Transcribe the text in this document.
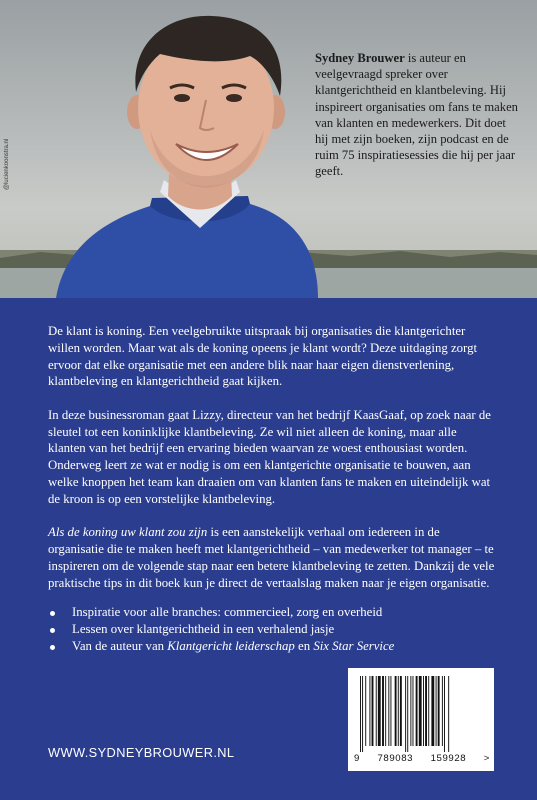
@lucienkoonstra.nl
Sydney Brouwer is auteur en veelgevraagd spreker over klantgerichtheid en klantbeleving. Hij inspireert organisaties om fans te maken van klanten en medewerkers. Dit doet hij met zijn boeken, zijn podcast en de ruim 75 inspiratiesessies die hij per jaar geeft.

De klant is koning. Een veelgebruikte uitspraak bij organisaties die klantgerichter willen worden. Maar wat als de koning opeens je klant wordt? Deze uitdaging zorgt ervoor dat elke organisatie met een andere blik naar haar eigen dienstverlening, klantbeleving en klantgerichtheid gaat kijken.

In deze businessroman gaat Lizzy, directeur van het bedrijf KaasGaaf, op zoek naar de sleutel tot een koninklijke klantbeleving. Ze wil niet alleen de koning, maar alle klanten van het bedrijf een ervaring bieden waarvan ze woest enthousiast worden. Onderweg leert ze wat er nodig is om een klantgerichte organisatie te bouwen, aan welke knoppen het team kan draaien om van klanten fans te maken en uiteindelijk wat de kroon is op een vorstelijke klantbeleving.

Als de koning uw klant zou zijn is een aanstekelijk verhaal om iedereen in de organisatie die te maken heeft met klantgerichtheid – van medewerker tot manager – te inspireren om de volgende stap naar een betere klantbeleving te zetten. Dankzij de vele praktische tips in dit boek kun je direct de vertaalslag maken naar je eigen organisatie.

Inspiratie voor alle branches: commercieel, zorg en overheid
Lessen over klantgerichtheid in een verhalend jasje
Van de auteur van Klantgericht leiderschap en Six Star Service
WWW.SYDNEYBROUWER.NL	9 789083 159928 >
